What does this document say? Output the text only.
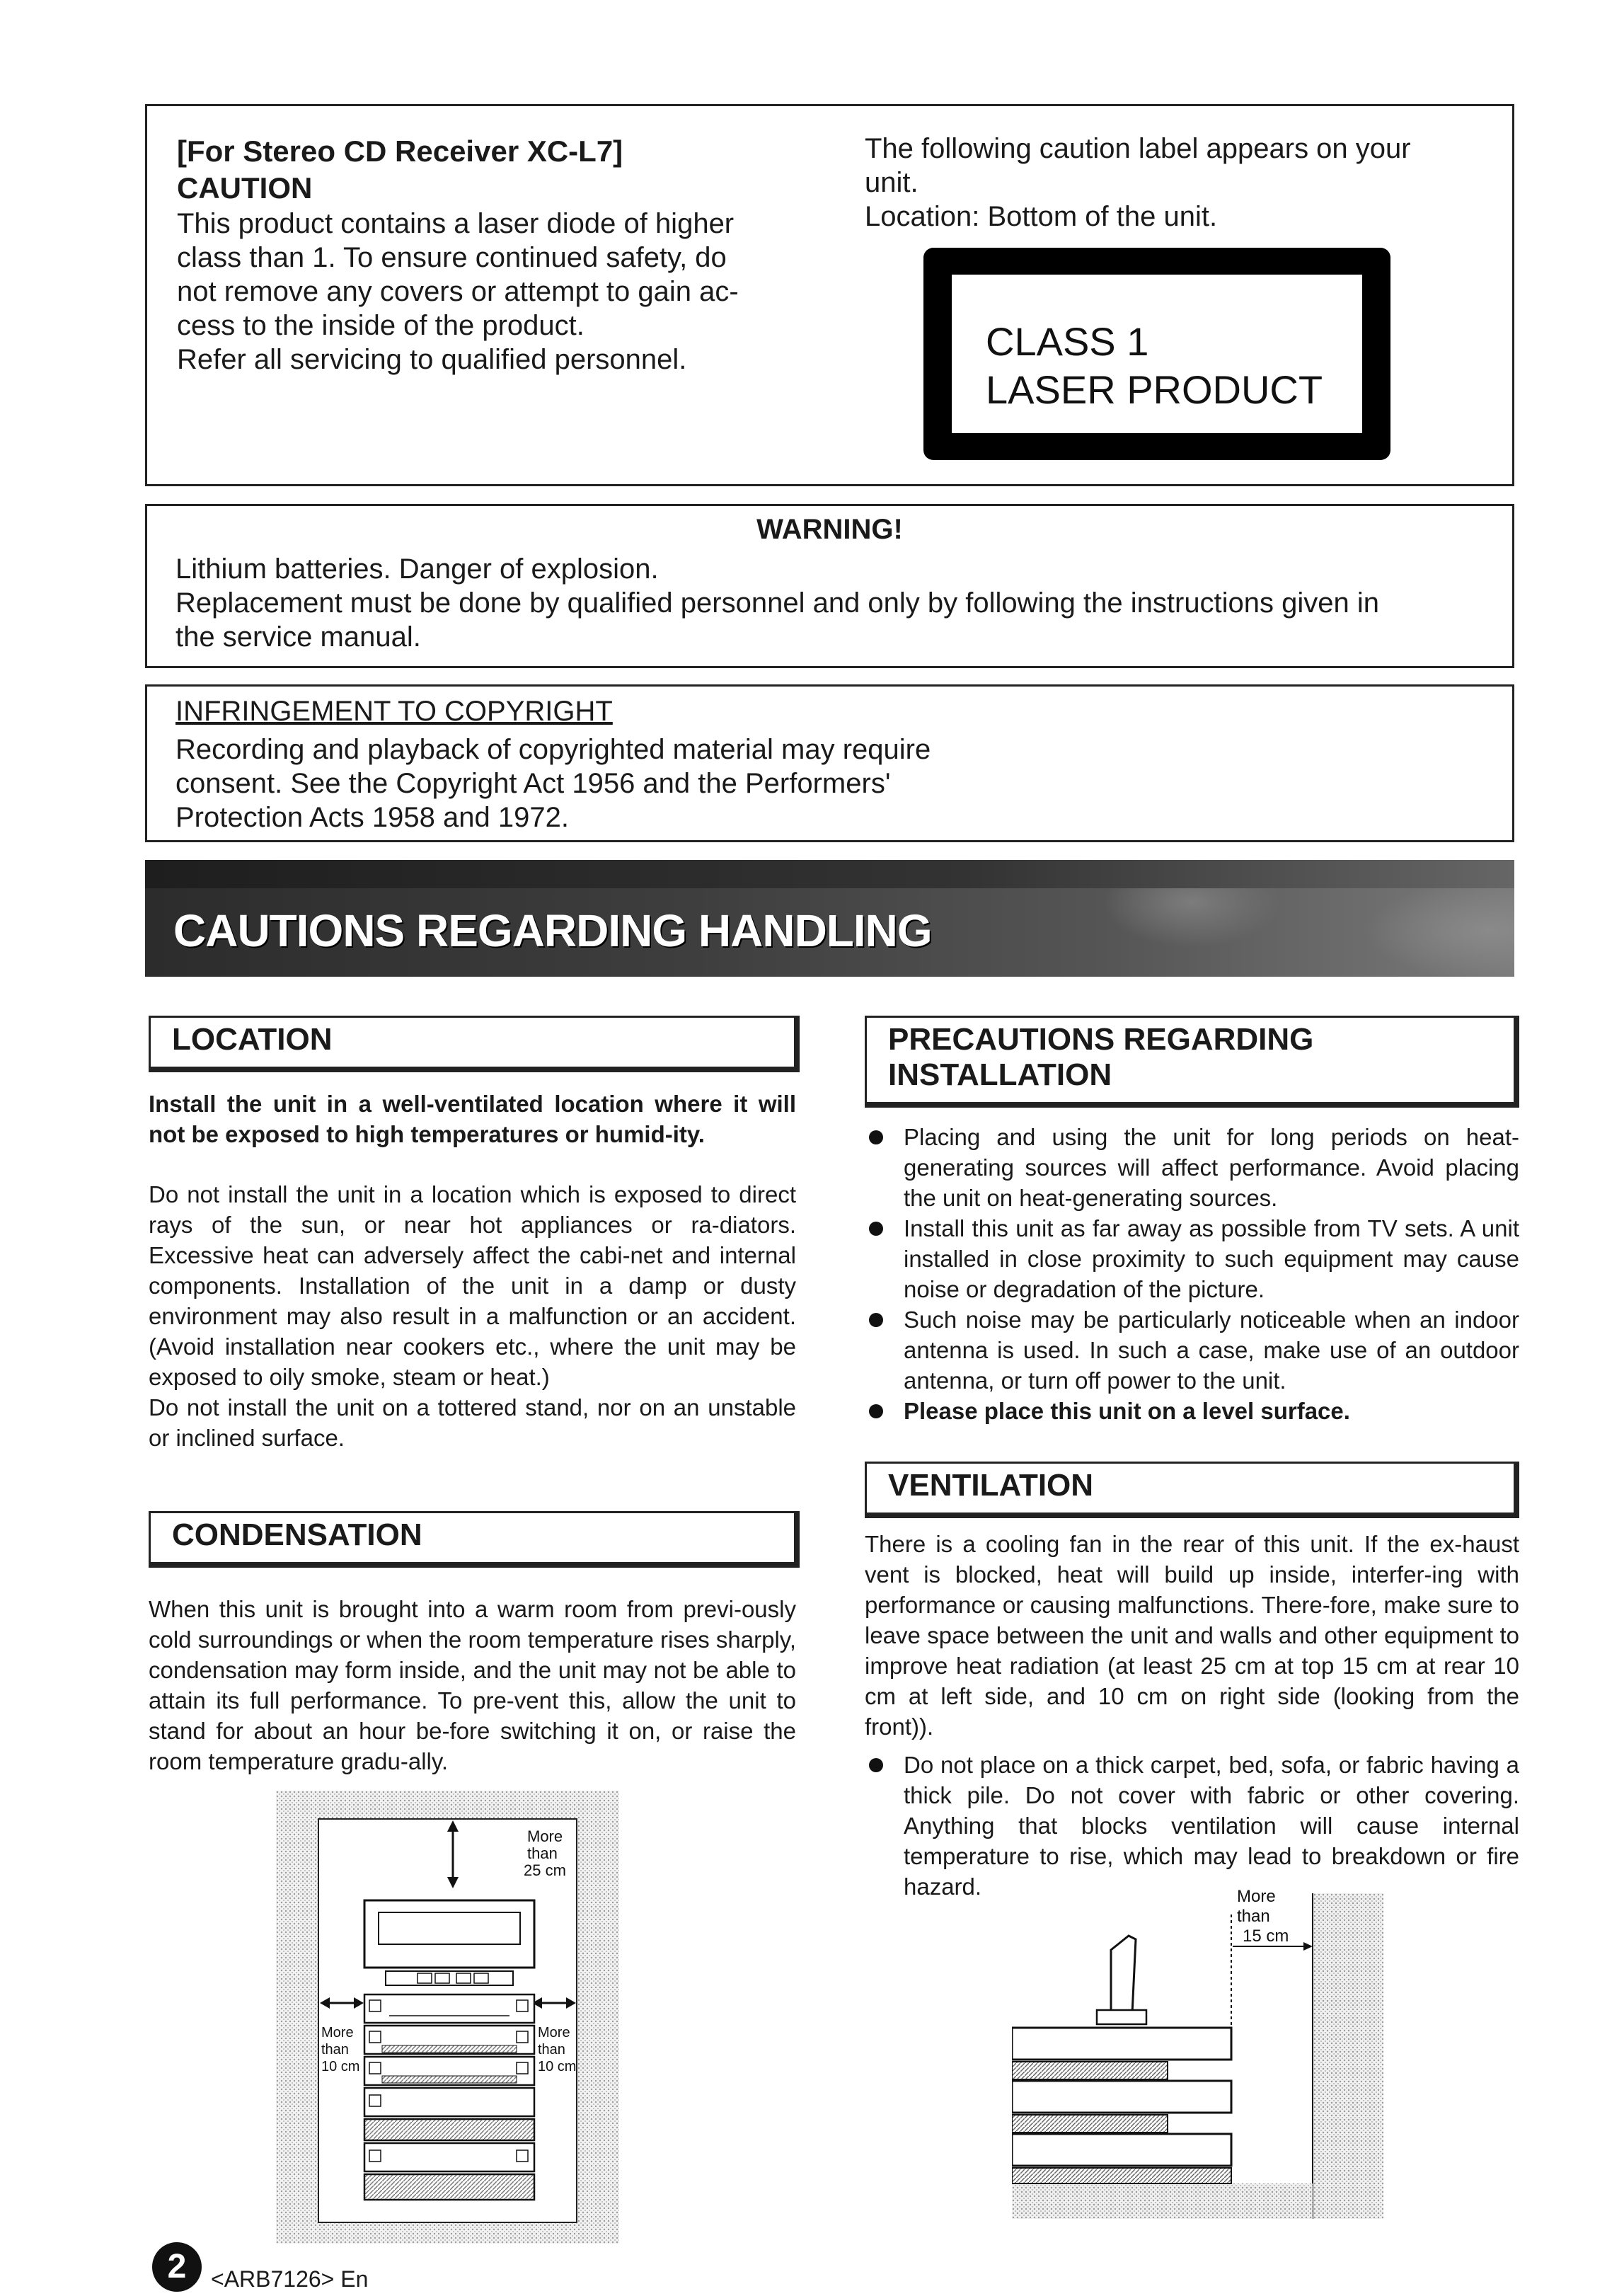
[For Stereo CD Receiver XC-L7]
CAUTION
This product contains a laser diode of higher
class than 1. To ensure continued safety, do
not remove any covers or attempt to gain ac-
cess to the inside of the product.
Refer all servicing to qualified personnel.
The following caution label appears on your
unit.
Location: Bottom of the unit.
CLASS 1
LASER PRODUCT
WARNING!
Lithium batteries. Danger of explosion.
Replacement must be done by qualified personnel and only by following the instructions given in
the service manual.
INFRINGEMENT TO COPYRIGHT
Recording and playback of copyrighted material may require
consent. See the Copyright Act 1956 and the Performers'
Protection Acts 1958 and 1972.
CAUTIONS REGARDING HANDLING
LOCATION
Install the unit in a well-ventilated location where it will not be exposed to high temperatures or humid-ity.

Do not install the unit in a location which is exposed to direct rays of the sun, or near hot appliances or ra-diators. Excessive heat can adversely affect the cabi-net and internal components. Installation of the unit in a damp or dusty environment may also result in a malfunction or an accident. (Avoid installation near cookers etc., where the unit may be exposed to oily smoke, steam or heat.)

Do not install the unit on a tottered stand, nor on an unstable or inclined surface.

CONDENSATION
When this unit is brought into a warm room from previ-ously cold surroundings or when the room temperature rises sharply, condensation may form inside, and the unit may not be able to attain its full performance. To pre-vent this, allow the unit to stand for about an hour be-fore switching it on, or raise the room temperature gradu-ally.
More
than
25 cm
More
than
10 cm
More
than
10 cm
PRECAUTIONS REGARDING
INSTALLATION
Placing and using the unit for long periods on heat-generating sources will affect performance. Avoid placing the unit on heat-generating sources.
Install this unit as far away as possible from TV sets. A unit installed in close proximity to such equipment may cause noise or degradation of the picture.
Such noise may be particularly noticeable when an indoor antenna is used. In such a case, make use of an outdoor antenna, or turn off power to the unit.
Please place this unit on a level surface.
VENTILATION
There is a cooling fan in the rear of this unit. If the ex-haust vent is blocked, heat will build up inside, interfer-ing with performance or causing malfunctions. There-fore, make sure to leave space between the unit and walls and other equipment to improve heat radiation (at least 25 cm at top 15 cm at rear 10 cm at left side, and 10 cm on right side (looking from the front)).
Do not place on a thick carpet, bed, sofa, or fabric having a thick pile. Do not cover with fabric or other covering. Anything that blocks ventilation will cause internal temperature to rise, which may lead to breakdown or fire hazard.	More
than
15 cm
2	<ARB7126> En
